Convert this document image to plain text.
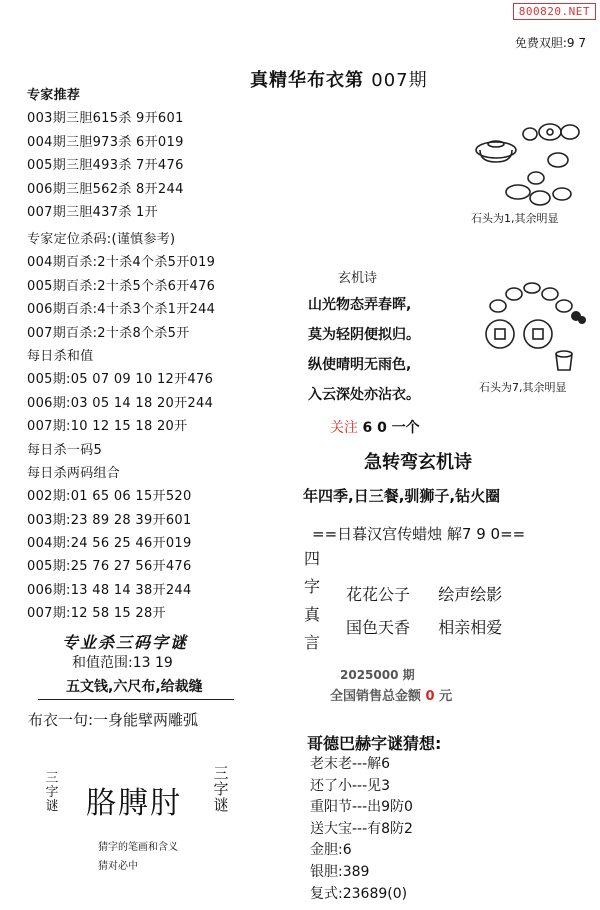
800820.NET
免费双胆:9 7
真精华布衣第 007期
专家推荐
003期三胆615杀 9开601
004期三胆973杀 6开019
005期三胆493杀 7开476
006期三胆562杀 8开244
007期三胆437杀 1开
专家定位杀码:(谨慎参考)
004期百杀:2十杀4个杀5开019
005期百杀:2十杀5个杀6开476
006期百杀:4十杀3个杀1开244
007期百杀:2十杀8个杀5开
每日杀和值
005期:05 07 09 10 12开476
006期:03 05 14 18 20开244
007期:10 12 15 18 20开
每日杀一码5
每日杀两码组合
002期:01 65 06 15开520
003期:23 89 28 39开601
004期:24 56 25 46开019
005期:25 76 27 56开476
006期:13 48 14 38开244
007期:12 58 15 28开
专业杀三码字谜
和值范围:13 19
五文钱,六尺布,给裁缝
布衣一句:一身能擘两雕弧
三字谜 胳膊肘
三字谜
猜字的笔画和含义
猜对必中
石头为1,其余明显
石头为7,其余明显
玄机诗
山光物态弄春晖,
莫为轻阴便拟归。
纵使晴明无雨色,
入云深处亦沾衣。
关注 6 0 一个
急转弯玄机诗
年四季,日三餐,驯狮子,钻火圈
==日暮汉宫传蜡烛 解7 9 0==
四
字
真
言
花花公子 绘声绘影
国色天香 相亲相爱
2025000 期
全国销售总金额 0 元
哥德巴赫字谜猜想:
老末老---解6
还了小---见3
重阳节---出9防0
送大宝---有8防2
金胆:6
银胆:389
复式:23689(0)
